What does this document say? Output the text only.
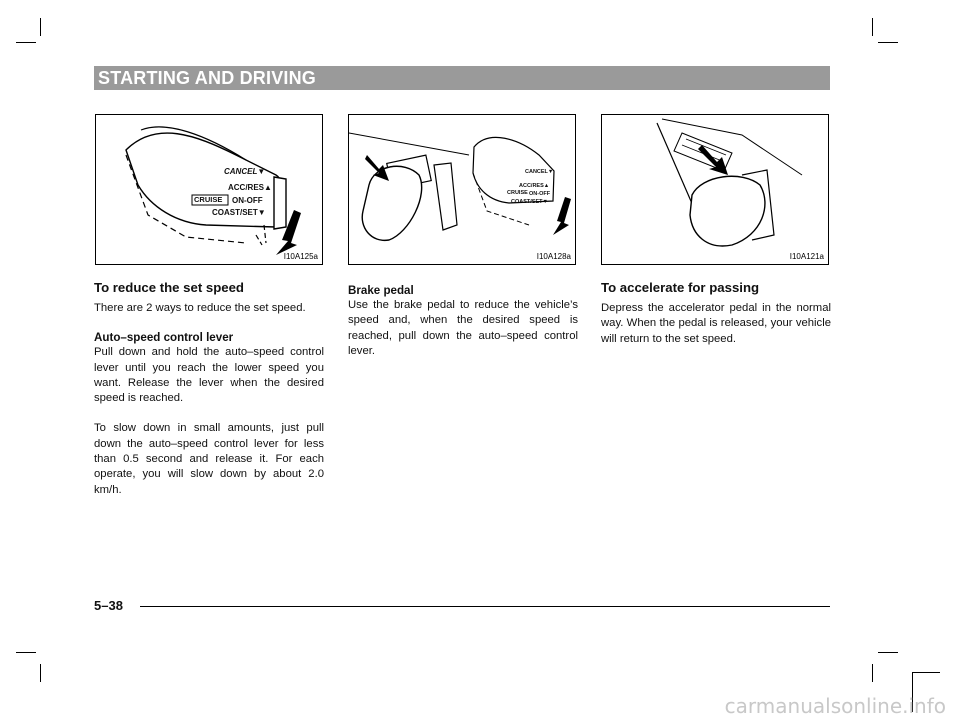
STARTING AND DRIVING
CANCEL▼
ACC/RES▲
CRUISE ON-OFF
COAST/SET▼
I10A125a
CANCEL▼
ACC/RES▲
CRUISE ON-OFF
COAST/SET▼
I10A128a	I10A121a
To reduce the set speed

There are 2 ways to reduce the set speed.

Auto–speed control lever

Pull down and hold the auto–speed control lever until you reach the lower speed you want. Release the lever when the desired speed is reached.

To slow down in small amounts, just pull down the auto–speed control lever for less than 0.5 second and release it. For each operate, you will slow down by about 2.0 km/h.

Brake pedal

Use the brake pedal to reduce the vehicle’s speed and, when the desired speed is reached, pull down the auto–speed control lever.

To accelerate for passing

Depress the accelerator pedal in the normal way. When the pedal is released, your vehicle will return to the set speed.

5–38
carmanualsonline.info
